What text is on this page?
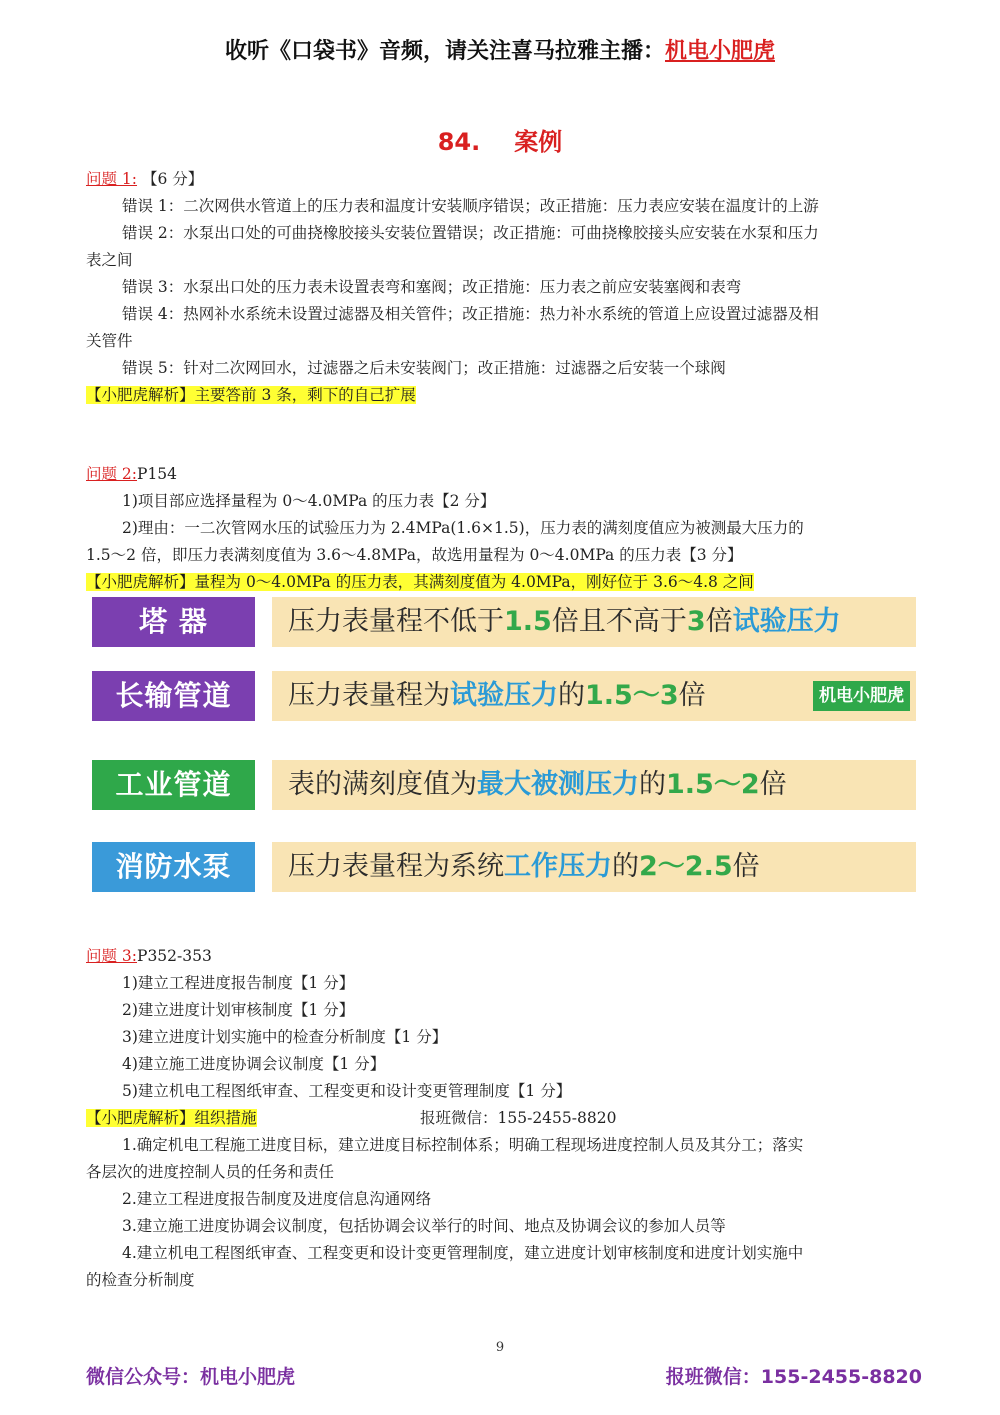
收听《口袋书》音频，请关注喜马拉雅主播：机电小肥虎
84. 案例
问题 1: 【6 分】
错误 1：二次网供水管道上的压力表和温度计安装顺序错误；改正措施：压力表应安装在温度计的上游
错误 2：水泵出口处的可曲挠橡胶接头安装位置错误；改正措施：可曲挠橡胶接头应安装在水泵和压力
表之间
错误 3：水泵出口处的压力表未设置表弯和塞阀；改正措施：压力表之前应安装塞阀和表弯
错误 4：热网补水系统未设置过滤器及相关管件；改正措施：热力补水系统的管道上应设置过滤器及相
关管件
错误 5：针对二次网回水，过滤器之后未安装阀门；改正措施：过滤器之后安装一个球阀
【小肥虎解析】主要答前 3 条，剩下的自己扩展
问题 2:P154
1)项目部应选择量程为 0～4.0MPa 的压力表【2 分】
2)理由：一二次管网水压的试验压力为 2.4MPa(1.6×1.5)，压力表的满刻度值应为被测最大压力的
1.5～2 倍，即压力表满刻度值为 3.6～4.8MPa，故选用量程为 0～4.0MPa 的压力表【3 分】
【小肥虎解析】量程为 0～4.0MPa 的压力表，其满刻度值为 4.0MPa，刚好位于 3.6～4.8 之间
塔 器	压力表量程不低于1.5倍且不高于3倍试验压力
长输管道	压力表量程为试验压力的1.5～3倍	机电小肥虎
工业管道	表的满刻度值为最大被测压力的1.5～2倍
消防水泵	压力表量程为系统工作压力的2～2.5倍
问题 3:P352-353
1)建立工程进度报告制度【1 分】
2)建立进度计划审核制度【1 分】
3)建立进度计划实施中的检查分析制度【1 分】
4)建立施工进度协调会议制度【1 分】
5)建立机电工程图纸审查、工程变更和设计变更管理制度【1 分】
【小肥虎解析】组织措施	报班微信：155-2455-8820
1.确定机电工程施工进度目标，建立进度目标控制体系；明确工程现场进度控制人员及其分工；落实
各层次的进度控制人员的任务和责任
2.建立工程进度报告制度及进度信息沟通网络
3.建立施工进度协调会议制度，包括协调会议举行的时间、地点及协调会议的参加人员等
4.建立机电工程图纸审查、工程变更和设计变更管理制度，建立进度计划审核制度和进度计划实施中
的检查分析制度
9
微信公众号：机电小肥虎	报班微信：155-2455-8820
